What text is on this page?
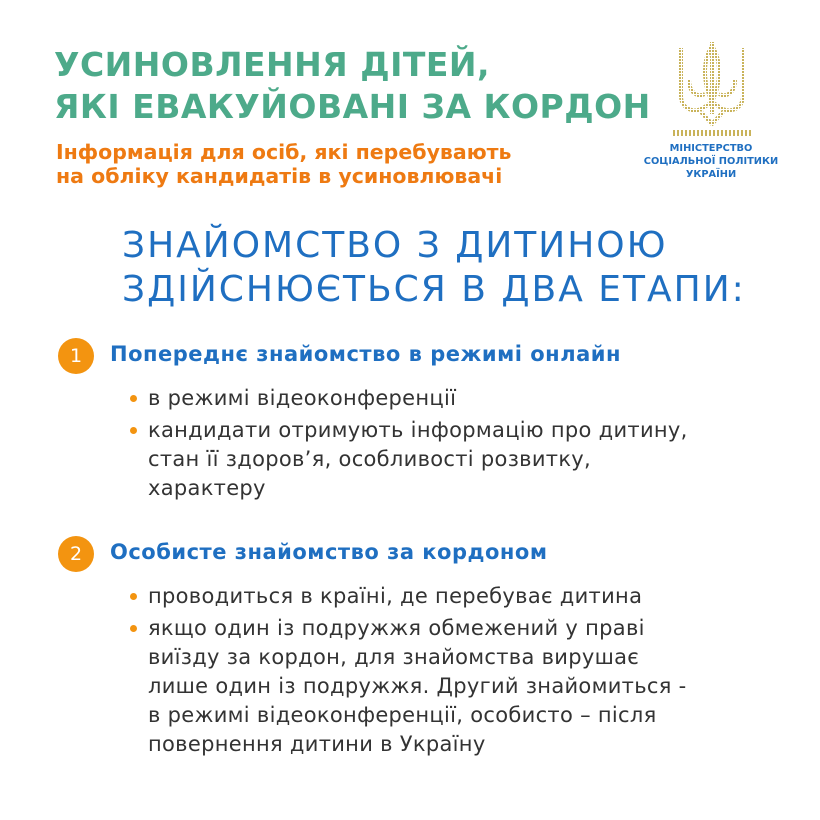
УСИНОВЛЕННЯ ДІТЕЙ,
ЯКІ ЕВАКУЙОВАНІ ЗА КОРДОН

Інформація для осіб, які перебувають
на обліку кандидатів в усиновлювачі

МІНІСТЕРСТВО
СОЦІАЛЬНОЇ ПОЛІТИКИ
УКРАЇНИ
ЗНАЙОМСТВО З ДИТИНОЮ
ЗДІЙСНЮЄТЬСЯ В ДВА ЕТАПИ:
1	Попереднє знайомство в режимі онлайн
в режимі відеоконференції
кандидати отримують інформацію про дитину,
стан її здоров’я, особливості розвитку,
характеру
2	Особисте знайомство за кордоном
проводиться в країні, де перебуває дитина
якщо один із подружжя обмежений у праві
виїзду за кордон, для знайомства вирушає
лише один із подружжя. Другий знайомиться -
в режимі відеоконференції, особисто – після
повернення дитини в Україну
